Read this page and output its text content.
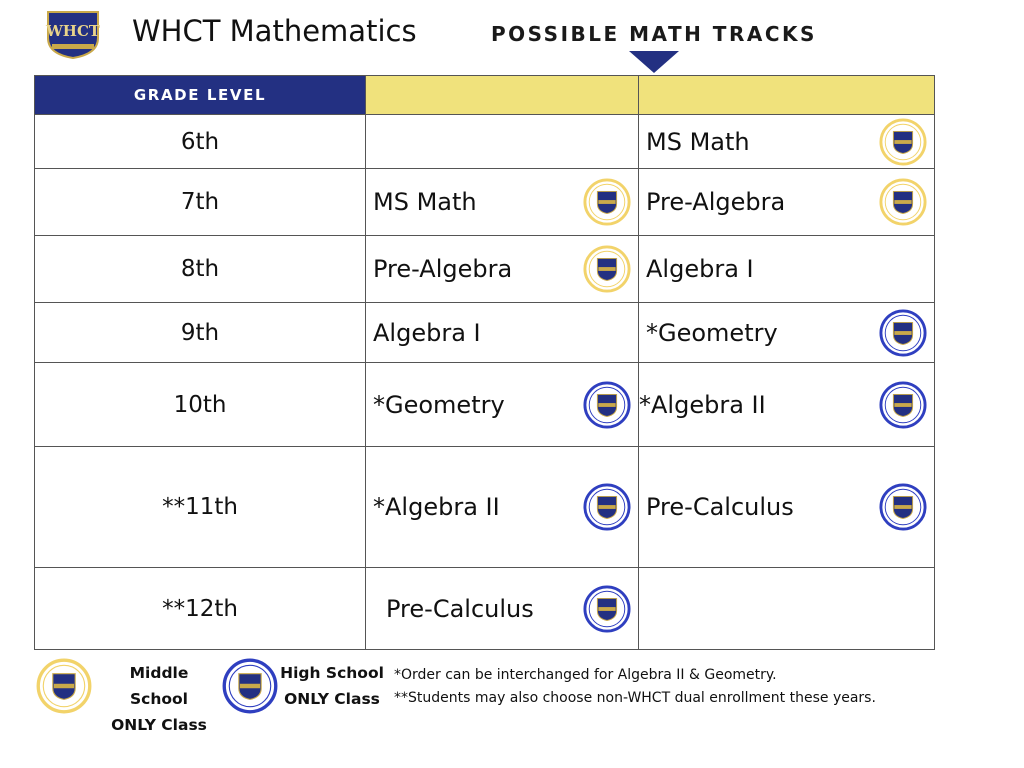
WHCT WHCT Mathematics	POSSIBLE MATH TRACKS
GRADE LEVEL		
6th		MS Math

7th	MS Math	Pre-Algebra

8th	Pre-Algebra	Algebra I

9th	Algebra I	*Geometry

10th	*Geometry	*Algebra II

**11th	*Algebra II	Pre-Calculus

**12th	Pre-Calculus	

Middle School
ONLY Class
High School
ONLY Class
*Order can be interchanged for Algebra II & Geometry.
**Students may also choose non-WHCT dual enrollment these years.
